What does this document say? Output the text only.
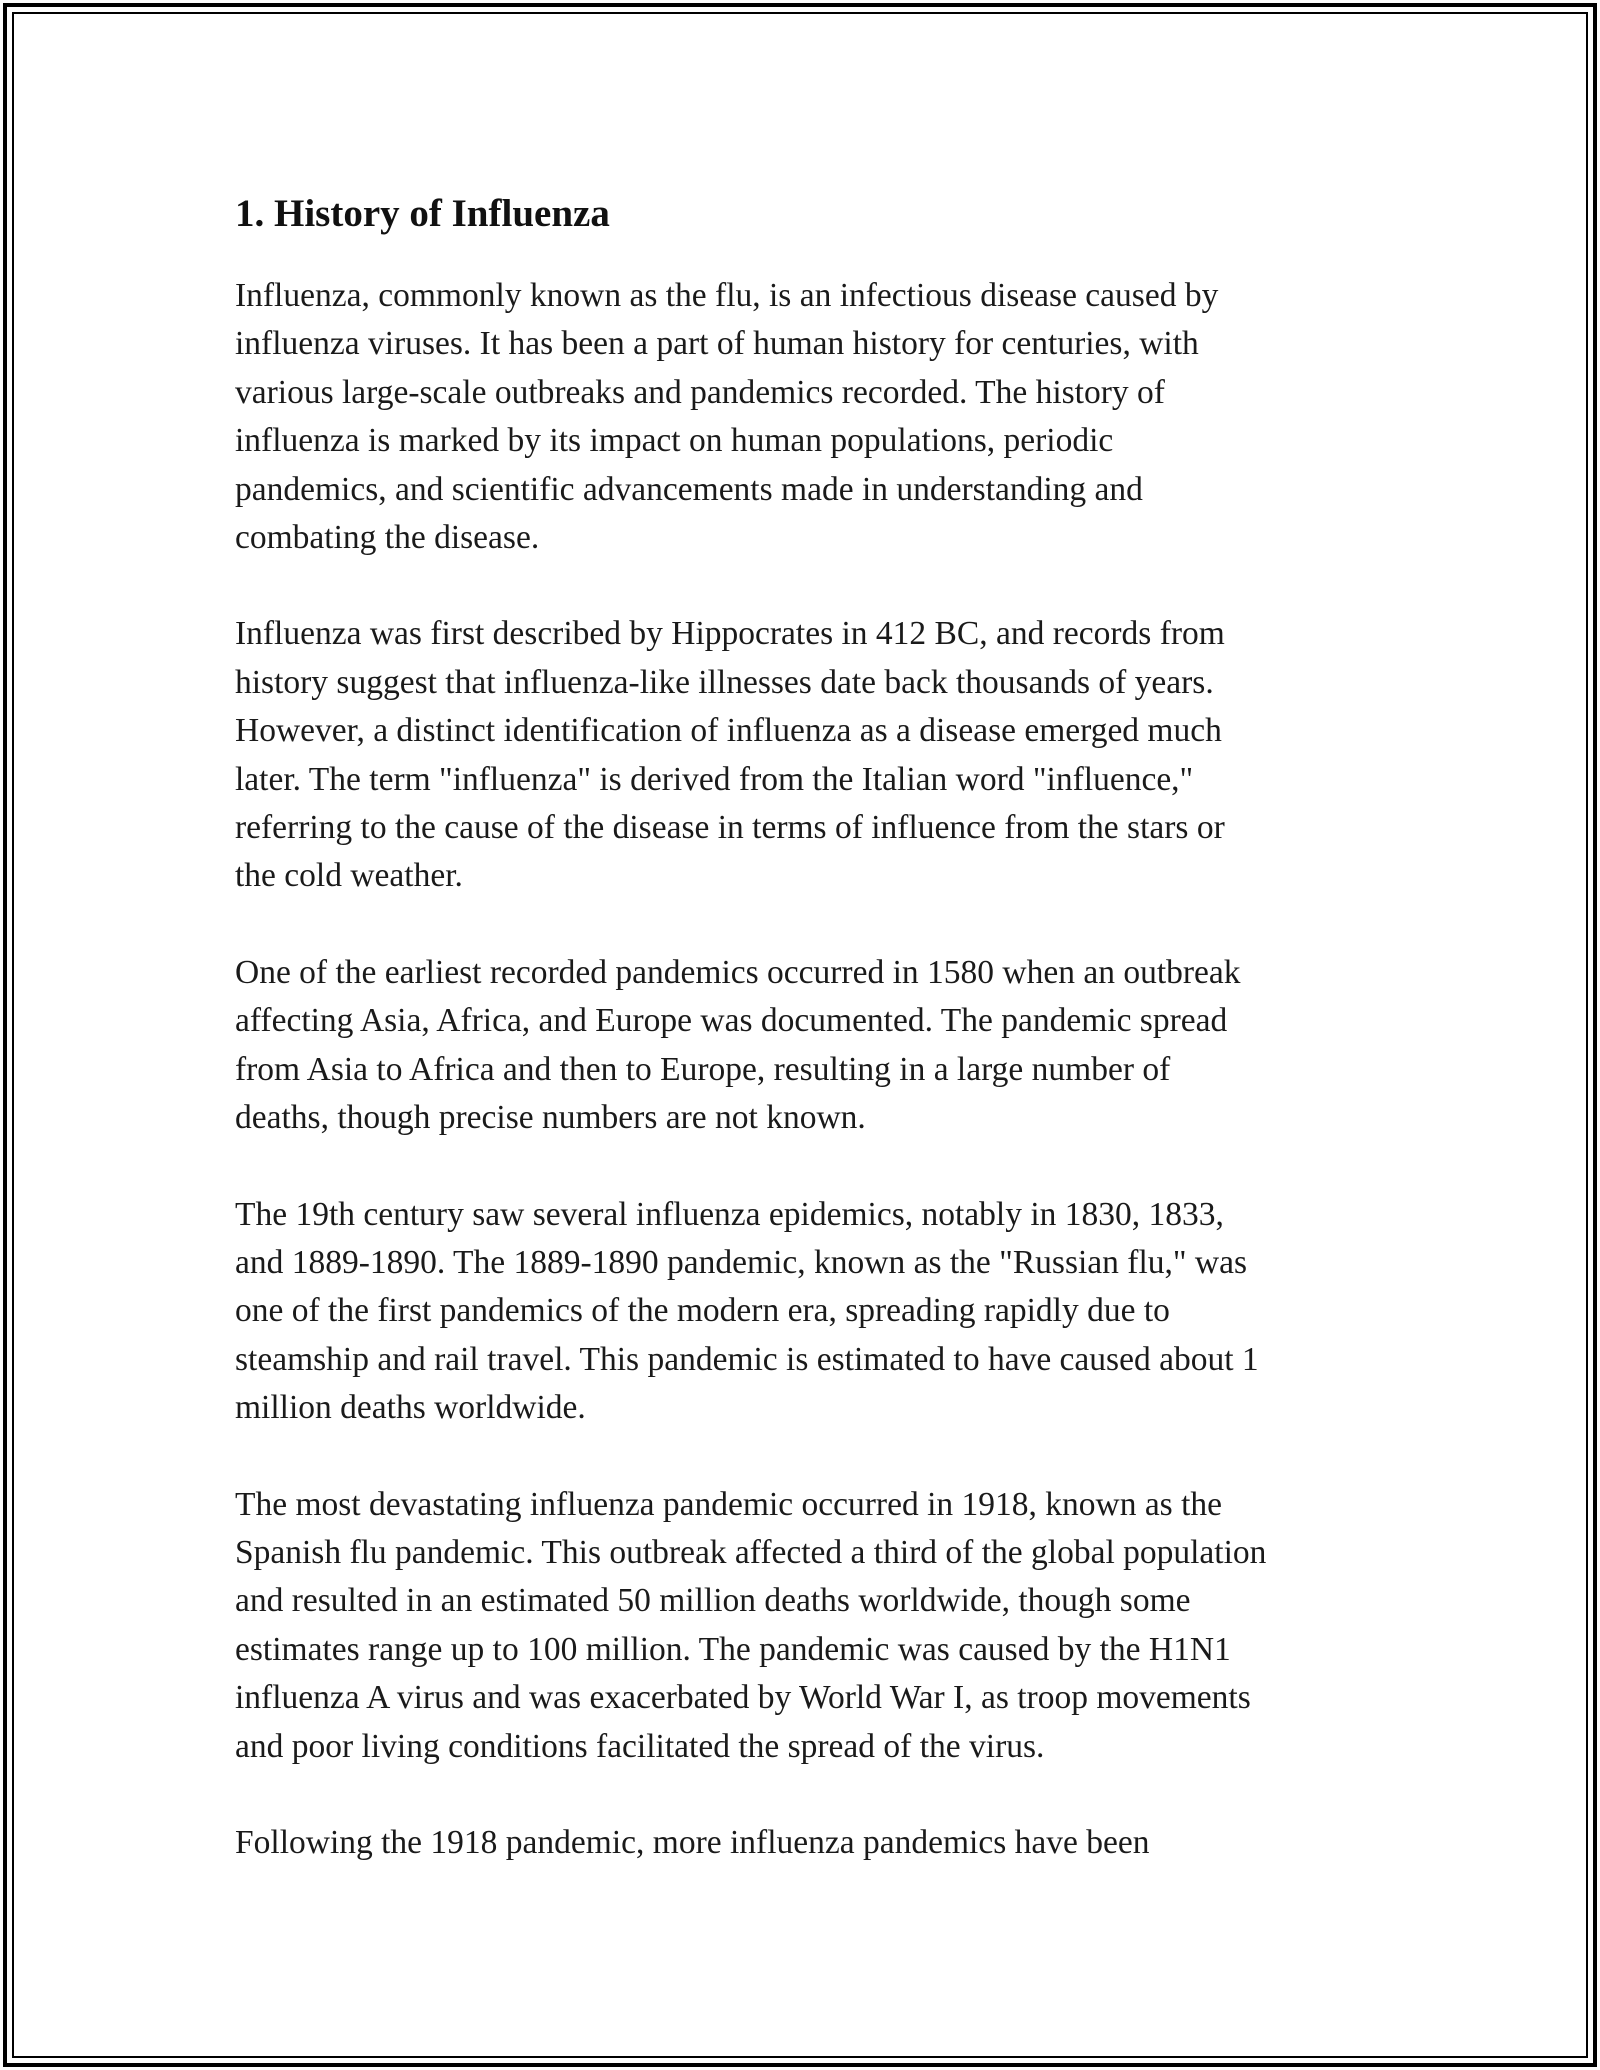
1. History of Influenza

Influenza, commonly known as the flu, is an infectious disease caused by
influenza viruses. It has been a part of human history for centuries, with
various large-scale outbreaks and pandemics recorded. The history of
influenza is marked by its impact on human populations, periodic
pandemics, and scientific advancements made in understanding and
combating the disease.

Influenza was first described by Hippocrates in 412 BC, and records from
history suggest that influenza-like illnesses date back thousands of years.
However, a distinct identification of influenza as a disease emerged much
later. The term "influenza" is derived from the Italian word "influence,"
referring to the cause of the disease in terms of influence from the stars or
the cold weather.

One of the earliest recorded pandemics occurred in 1580 when an outbreak
affecting Asia, Africa, and Europe was documented. The pandemic spread
from Asia to Africa and then to Europe, resulting in a large number of
deaths, though precise numbers are not known.

The 19th century saw several influenza epidemics, notably in 1830, 1833,
and 1889-1890. The 1889-1890 pandemic, known as the "Russian flu," was
one of the first pandemics of the modern era, spreading rapidly due to
steamship and rail travel. This pandemic is estimated to have caused about 1
million deaths worldwide.

The most devastating influenza pandemic occurred in 1918, known as the
Spanish flu pandemic. This outbreak affected a third of the global population
and resulted in an estimated 50 million deaths worldwide, though some
estimates range up to 100 million. The pandemic was caused by the H1N1
influenza A virus and was exacerbated by World War I, as troop movements
and poor living conditions facilitated the spread of the virus.

Following the 1918 pandemic, more influenza pandemics have been
